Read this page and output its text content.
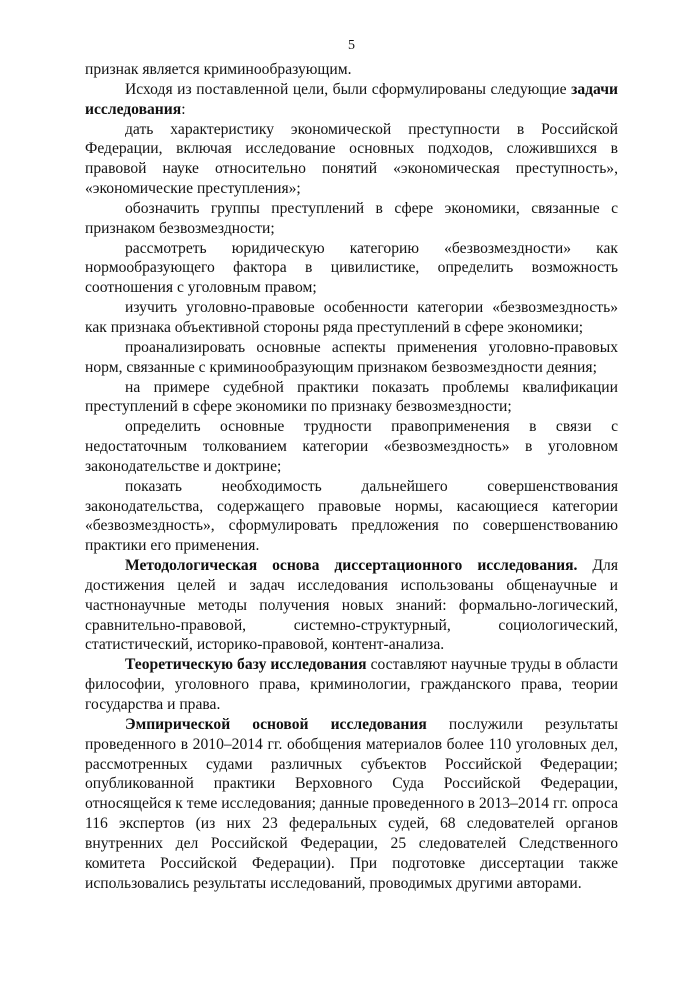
5

признак является криминообразующим.

Исходя из поставленной цели, были сформулированы следующие задачи исследования:

дать характеристику экономической преступности в Российской Федерации, включая исследование основных подходов, сложившихся в правовой науке относительно понятий «экономическая преступность», «экономические преступления»;

обозначить группы преступлений в сфере экономики, связанные с признаком безвозмездности;

рассмотреть юридическую категорию «безвозмездности» как нормообразующего фактора в цивилистике, определить возможность соотношения с уголовным правом;

изучить уголовно-правовые особенности категории «безвозмездность» как признака объективной стороны ряда преступлений в сфере экономики;

проанализировать основные аспекты применения уголовно-правовых норм, связанные с криминообразующим признаком безвозмездности деяния;

на примере судебной практики показать проблемы квалификации преступлений в сфере экономики по признаку безвозмездности;

определить основные трудности правоприменения в связи с недостаточным толкованием категории «безвозмездность» в уголовном законодательстве и доктрине;

показать необходимость дальнейшего совершенствования законодательства, содержащего правовые нормы, касающиеся категории «безвозмездность», сформулировать предложения по совершенствованию практики его применения.

Методологическая основа диссертационного исследования. Для достижения целей и задач исследования использованы общенаучные и частнонаучные методы получения новых знаний: формально-логический, сравнительно-правовой, системно-структурный, социологический, статистический, историко-правовой, контент-анализа.

Теоретическую базу исследования составляют научные труды в области философии, уголовного права, криминологии, гражданского права, теории государства и права.

Эмпирической основой исследования послужили результаты проведенного в 2010–2014 гг. обобщения материалов более 110 уголовных дел, рассмотренных судами различных субъектов Российской Федерации; опубликованной практики Верховного Суда Российской Федерации, относящейся к теме исследования; данные проведенного в 2013–2014 гг. опроса 116 экспертов (из них 23 федеральных судей, 68 следователей органов внутренних дел Российской Федерации, 25 следователей Следственного комитета Российской Федерации). При подготовке диссертации также использовались результаты исследований, проводимых другими авторами.
